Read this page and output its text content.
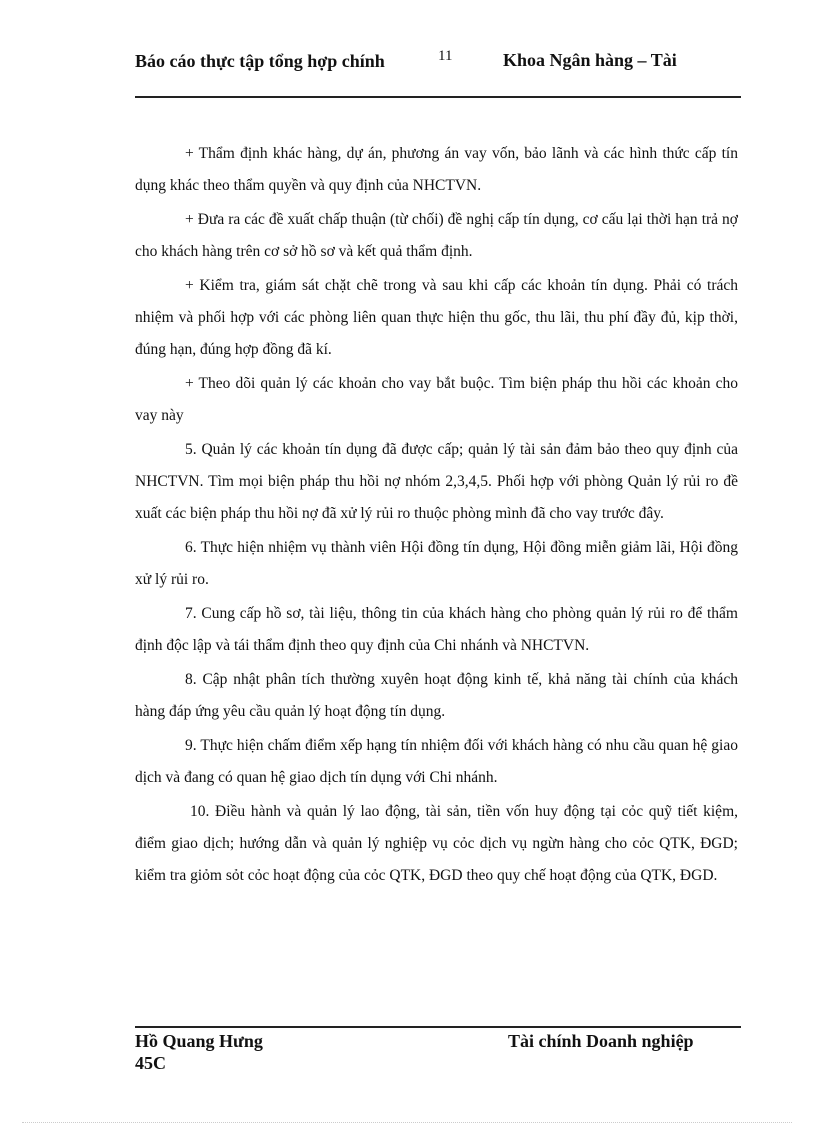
Báo cáo thực tập tổng hợp chính	11	Khoa Ngân hàng – Tài

+ Thẩm định khác hàng, dự án, phương án vay vốn, bảo lãnh và các hình thức cấp tín dụng khác theo thẩm quyền và quy định của NHCTVN.

+ Đưa ra các đề xuất chấp thuận (từ chối) đề nghị cấp tín dụng, cơ cấu lại thời hạn trả nợ cho khách hàng trên cơ sở hồ sơ và kết quả thẩm định.

+ Kiểm tra, giám sát chặt chẽ trong và sau khi cấp các khoản tín dụng. Phải có trách nhiệm và phối hợp với các phòng liên quan thực hiện thu gốc, thu lãi, thu phí đầy đủ, kịp thời, đúng hạn, đúng hợp đồng đã kí.

+ Theo dõi quản lý các khoản cho vay bắt buộc. Tìm biện pháp thu hồi các khoản cho vay này

5. Quản lý các khoản tín dụng đã được cấp; quản lý tài sản đảm bảo theo quy định của NHCTVN. Tìm mọi biện pháp thu hồi nợ nhóm 2,3,4,5. Phối hợp với phòng Quản lý rủi ro đề xuất các biện pháp thu hồi nợ đã xử lý rủi ro thuộc phòng mình đã cho vay trước đây.

6. Thực hiện nhiệm vụ thành viên Hội đồng tín dụng, Hội đồng miễn giảm lãi, Hội đồng xử lý rủi ro.

7. Cung cấp hồ sơ, tài liệu, thông tin của khách hàng cho phòng quản lý rủi ro để thẩm định độc lập và tái thẩm định theo quy định của Chi nhánh và NHCTVN.

8. Cập nhật phân tích thường xuyên hoạt động kinh tế, khả năng tài chính của khách hàng đáp ứng yêu cầu quản lý hoạt động tín dụng.

9. Thực hiện chấm điểm xếp hạng tín nhiệm đối với khách hàng có nhu cầu quan hệ giao dịch và đang có quan hệ giao dịch tín dụng với Chi nhánh.

10. Điều hành và quản lý lao động, tài sản, tiền vốn huy động tại cỏc quỹ tiết kiệm, điểm giao dịch; hướng dẫn và quản lý nghiệp vụ cỏc dịch vụ ngừn hàng cho cỏc QTK, ĐGD; kiểm tra giỏm sỏt cỏc hoạt động của cỏc QTK, ĐGD theo quy chế hoạt động của QTK, ĐGD.

Hồ Quang Hưng 45C
Tài chính Doanh nghiệp
